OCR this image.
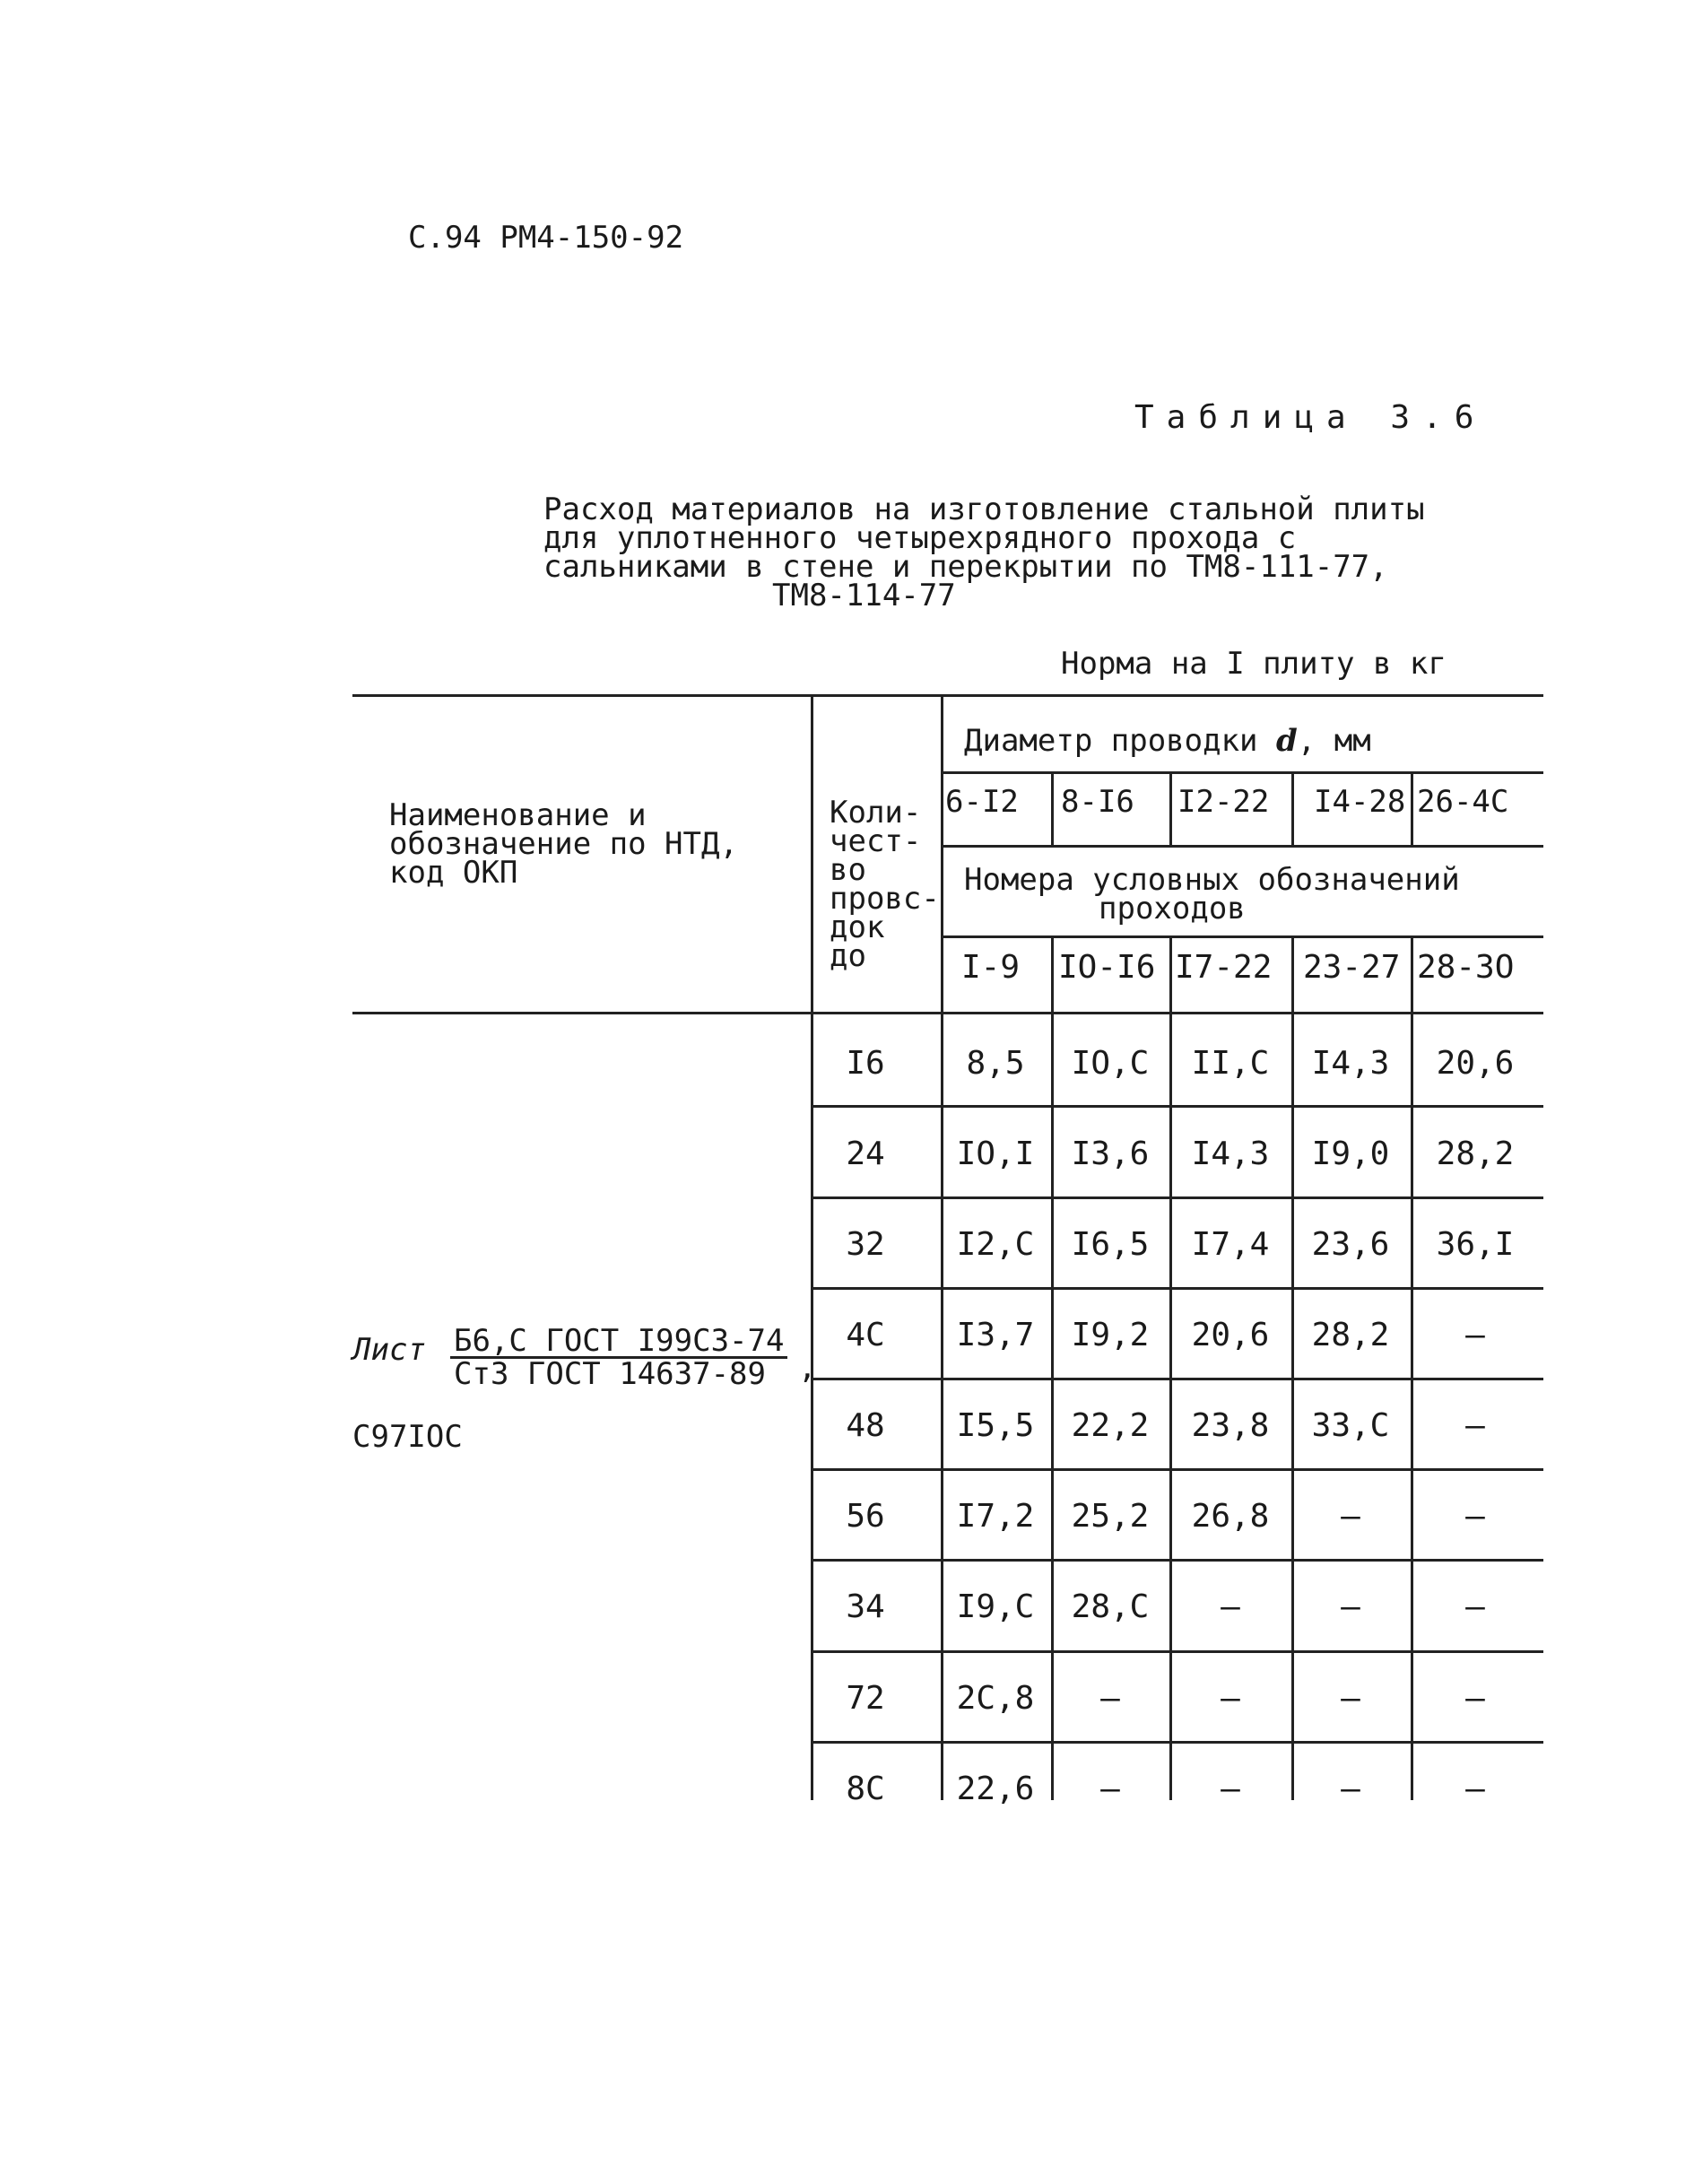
С.94 РМ4-150-92
Таблица 3.6
Расход материалов на изготовление стальной плиты
для уплотненного четырехрядного прохода с
сальниками в стене и перекрытии по ТМ8-111-77,
ТМ8-114-77
Норма на I плиту в кг
Наименование и
обозначение по НТД,
код ОКП
Коли-
чест-
во
провс-
док
до
Диаметр проводки d, мм
6-I2 8-I6 I2-22 I4-28 26-4С
Номера условных обозначений
проходов
I-9 IO-I6 I7-22 23-27 28-3О
I6	8,5	IO,С	II,С	I4,3	20,6
24	IO,I	I3,6	I4,3	I9,0	28,2
32	I2,С	I6,5	I7,4	23,6	36,I
4С	I3,7	I9,2	20,6	28,2	–
48	I5,5	22,2	23,8	33,С	–
56	I7,2	25,2	26,8	–	–
34	I9,С	28,С	–	–	–
72	2С,8	–	–	–	–
8С	22,6	–	–	–	–
Лист Б6,С ГОСТ I99С3-74
Ст3 ГОСТ 14637-89	,
С97IОС
